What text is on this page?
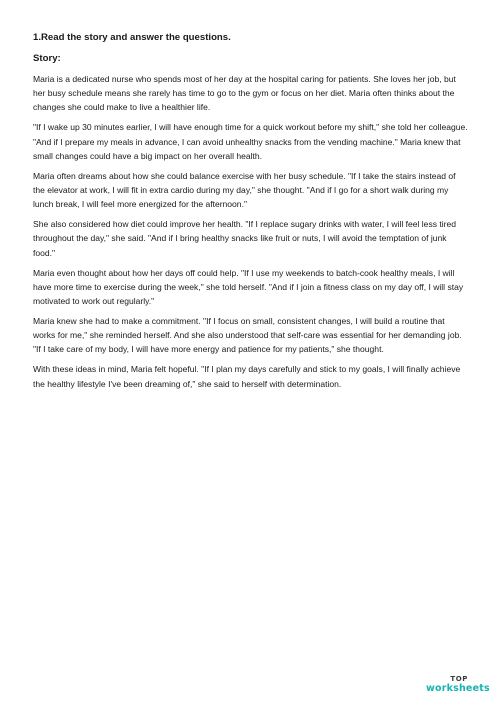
1.Read the story and answer the questions.
Story:

Maria is a dedicated nurse who spends most of her day at the hospital caring for patients. She loves her job, but her busy schedule means she rarely has time to go to the gym or focus on her diet. Maria often thinks about the changes she could make to live a healthier life.

"If I wake up 30 minutes earlier, I will have enough time for a quick workout before my shift," she told her colleague. "And if I prepare my meals in advance, I can avoid unhealthy snacks from the vending machine." Maria knew that small changes could have a big impact on her overall health.

Maria often dreams about how she could balance exercise with her busy schedule. "If I take the stairs instead of the elevator at work, I will fit in extra cardio during my day," she thought. "And if I go for a short walk during my lunch break, I will feel more energized for the afternoon."

She also considered how diet could improve her health. "If I replace sugary drinks with water, I will feel less tired throughout the day," she said. "And if I bring healthy snacks like fruit or nuts, I will avoid the temptation of junk food."

Maria even thought about how her days off could help. "If I use my weekends to batch-cook healthy meals, I will have more time to exercise during the week," she told herself. "And if I join a fitness class on my day off, I will stay motivated to work out regularly."

Maria knew she had to make a commitment. "If I focus on small, consistent changes, I will build a routine that works for me," she reminded herself. And she also understood that self-care was essential for her demanding job. "If I take care of my body, I will have more energy and patience for my patients," she thought.

With these ideas in mind, Maria felt hopeful. "If I plan my days carefully and stick to my goals, I will finally achieve the healthy lifestyle I've been dreaming of," she said to herself with determination.

TOP
worksheets
